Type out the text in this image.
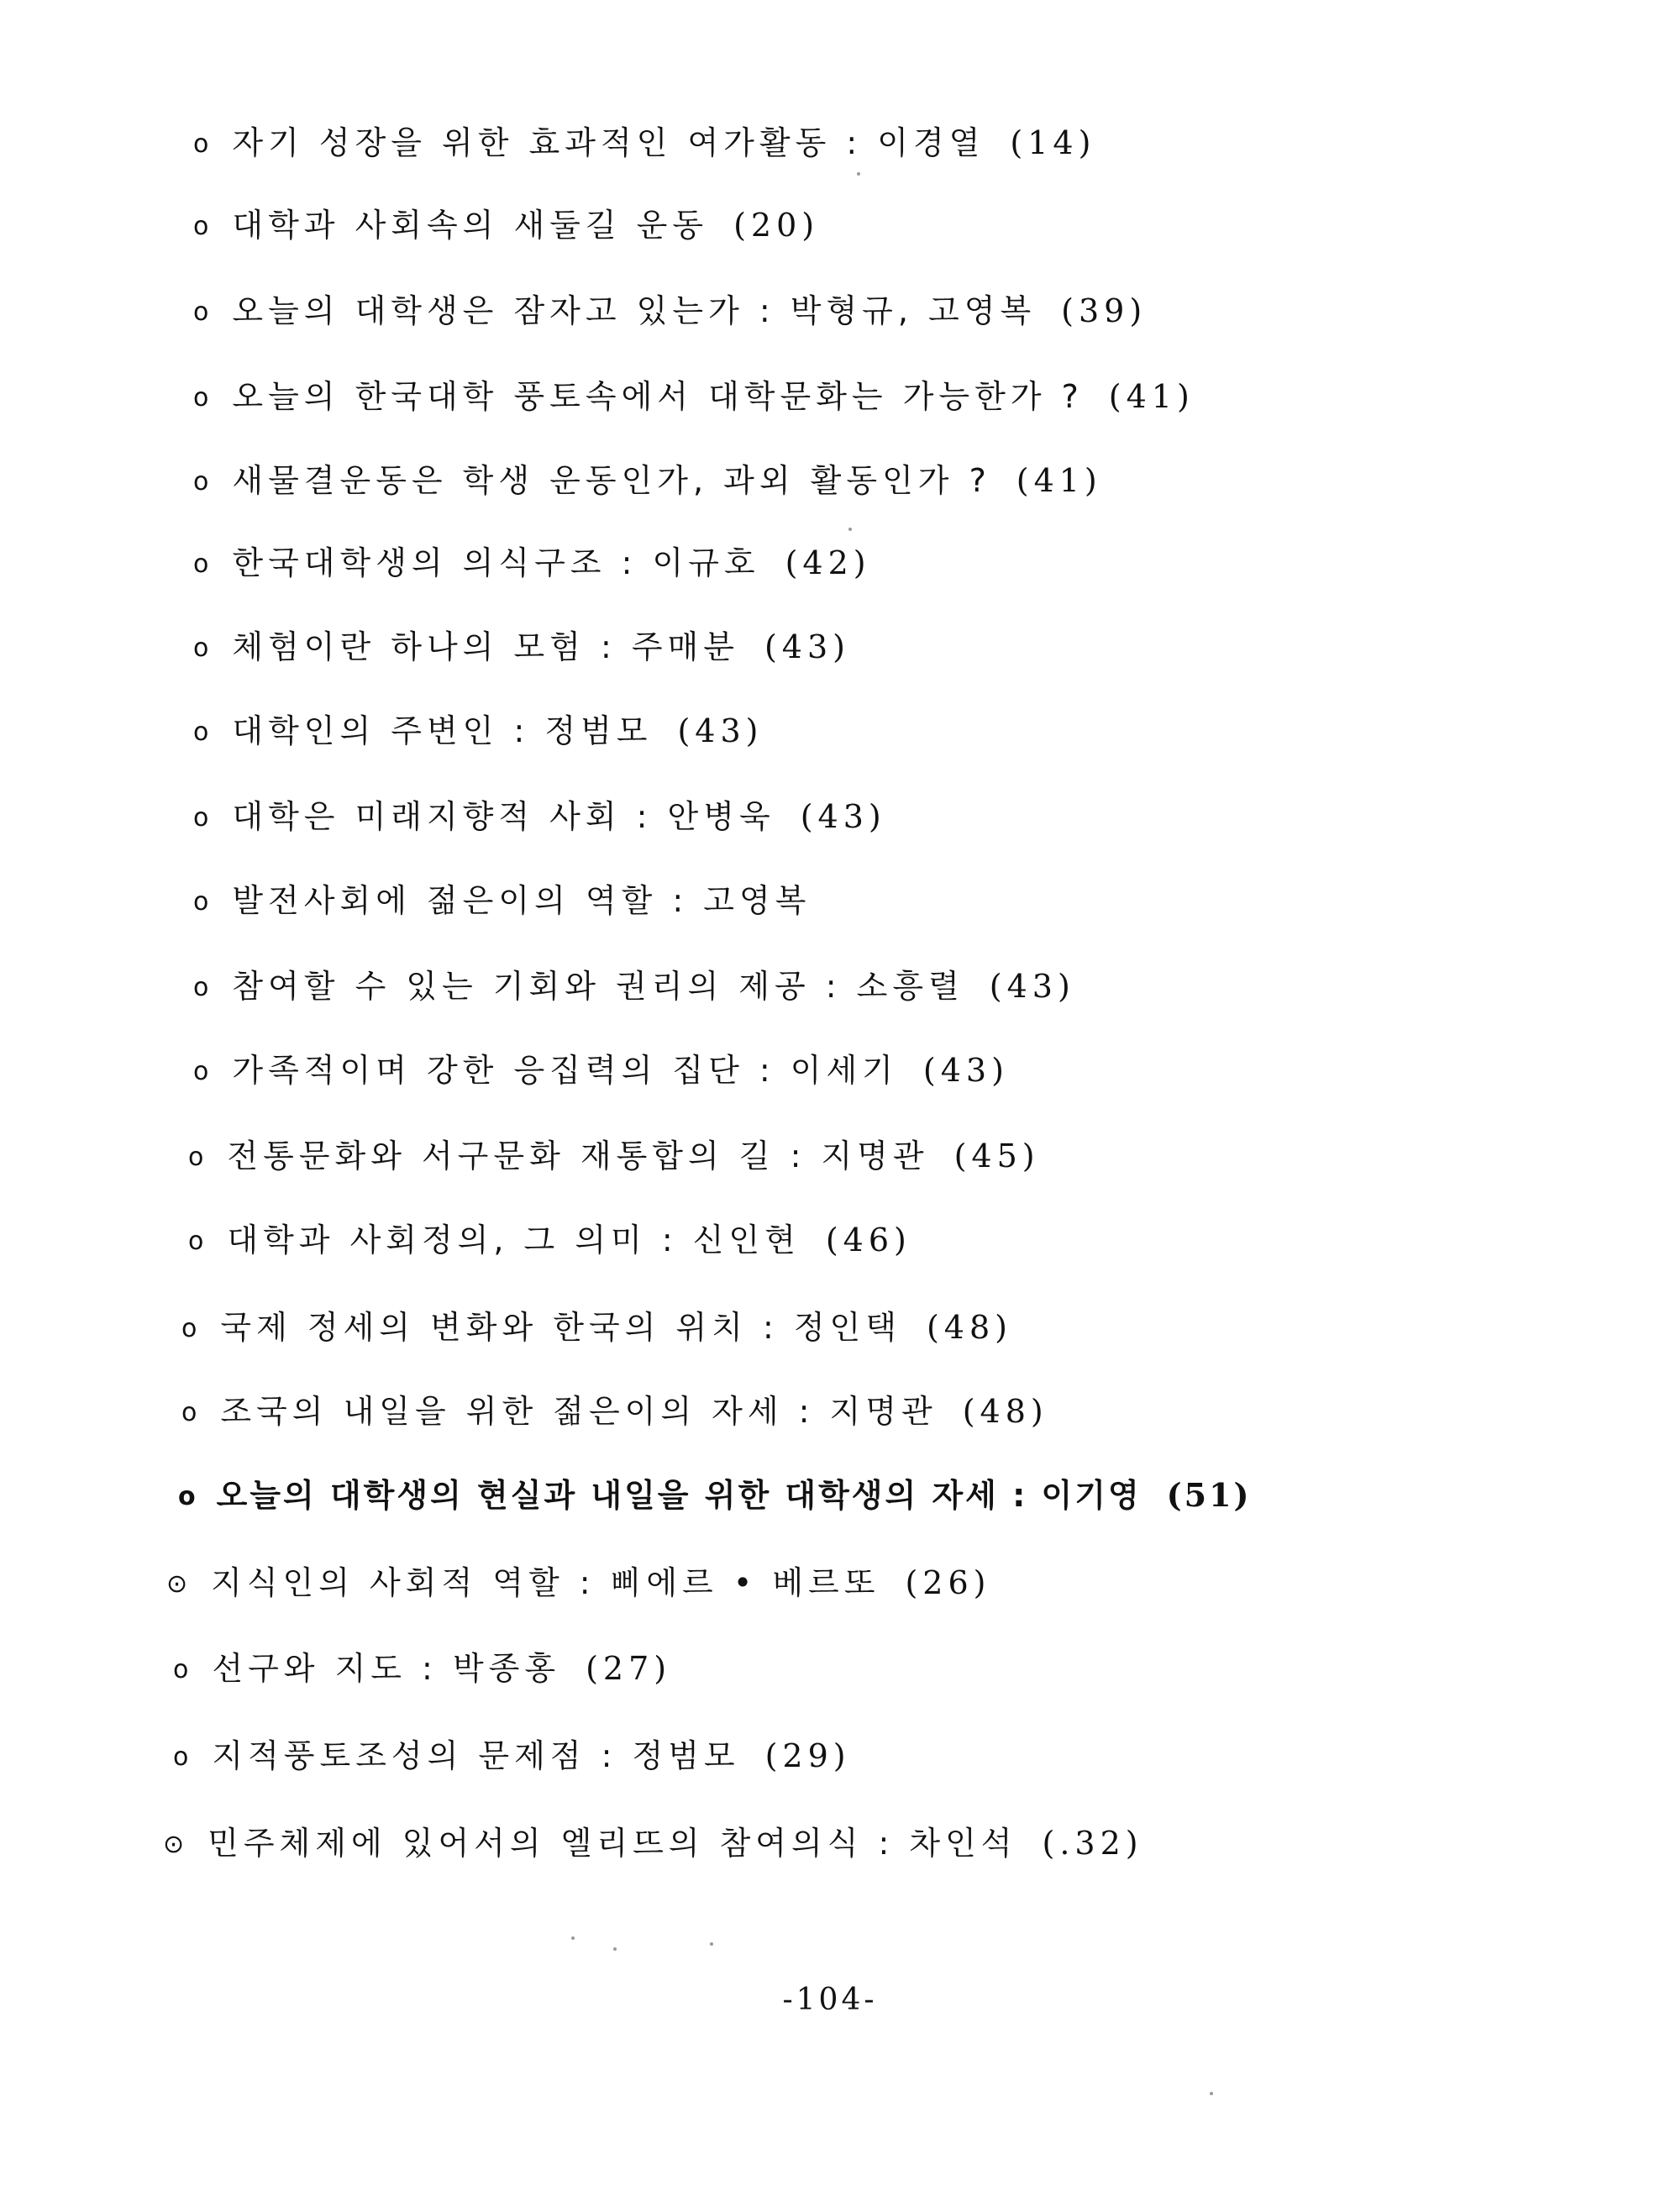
o 자기 성장을 위한 효과적인 여가활동 : 이경열 (14)
o 대학과 사회속의 새둘길 운동 (20)
o 오늘의 대학생은 잠자고 있는가 : 박형규, 고영복 (39)
o 오늘의 한국대학 풍토속에서 대학문화는 가능한가 ? (41)
o 새물결운동은 학생 운동인가, 과외 활동인가 ? (41)
o 한국대학생의 의식구조 : 이규호 (42)
o 체험이란 하나의 모험 : 주매분 (43)
o 대학인의 주변인 : 정범모 (43)
o 대학은 미래지향적 사회 : 안병욱 (43)
o 발전사회에 젊은이의 역할 : 고영복
o 참여할 수 있는 기회와 권리의 제공 : 소흥렬 (43)
o 가족적이며 강한 응집력의 집단 : 이세기 (43)
o 전통문화와 서구문화 재통합의 길 : 지명관 (45)
o 대학과 사회정의, 그 의미 : 신인현 (46)
o 국제 정세의 변화와 한국의 위치 : 정인택 (48)
o 조국의 내일을 위한 젊은이의 자세 : 지명관 (48)
o 오늘의 대학생의 현실과 내일을 위한 대학생의 자세 : 이기영 (51)
⊙ 지식인의 사회적 역할 : 삐에르 • 베르또 (26)
o 선구와 지도 : 박종홍 (27)
o 지적풍토조성의 문제점 : 정범모 (29)
⊙ 민주체제에 있어서의 엘리뜨의 참여의식 : 차인석 (.32)
-104-
